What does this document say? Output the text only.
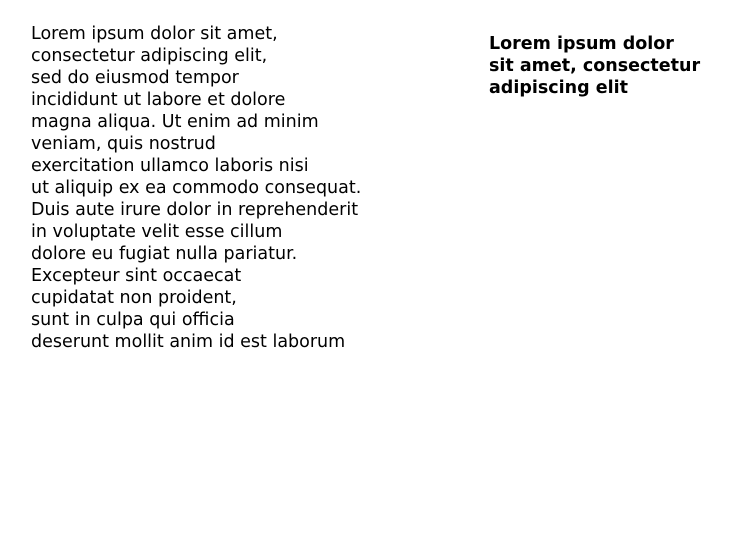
Lorem ipsum dolor sit amet,
consectetur adipiscing elit,
sed do eiusmod tempor
incididunt ut labore et dolore
magna aliqua. Ut enim ad minim
veniam, quis nostrud
exercitation ullamco laboris nisi
ut aliquip ex ea commodo consequat.
Duis aute irure dolor in reprehenderit
in voluptate velit esse cillum
dolore eu fugiat nulla pariatur.
Excepteur sint occaecat
cupidatat non proident,
sunt in culpa qui officia
deserunt mollit anim id est laborum
Lorem ipsum dolor
sit amet, consectetur
adipiscing elit
